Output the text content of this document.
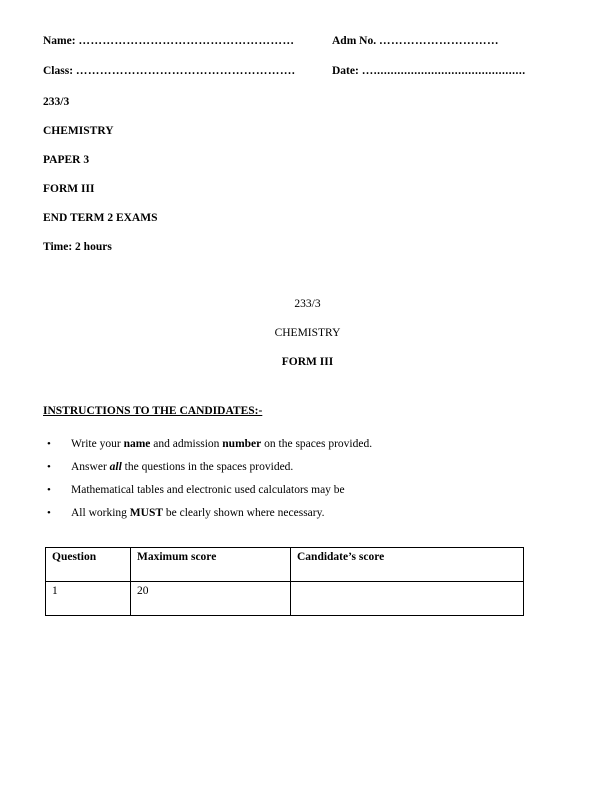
Name: ………………………………………………	Adm No. …………………………
Class: ……………………………………………….	Date: ….............................................
233/3
CHEMISTRY
PAPER 3
FORM III
END TERM 2 EXAMS
Time: 2 hours
233/3
CHEMISTRY
FORM III
INSTRUCTIONS TO THE CANDIDATES:-
• Write your name and admission number on the spaces provided.
• Answer all the questions in the spaces provided.
• Mathematical tables and electronic used calculators may be
• All working MUST be clearly shown where necessary.
Question	Maximum score	Candidate’s score
1	20	
